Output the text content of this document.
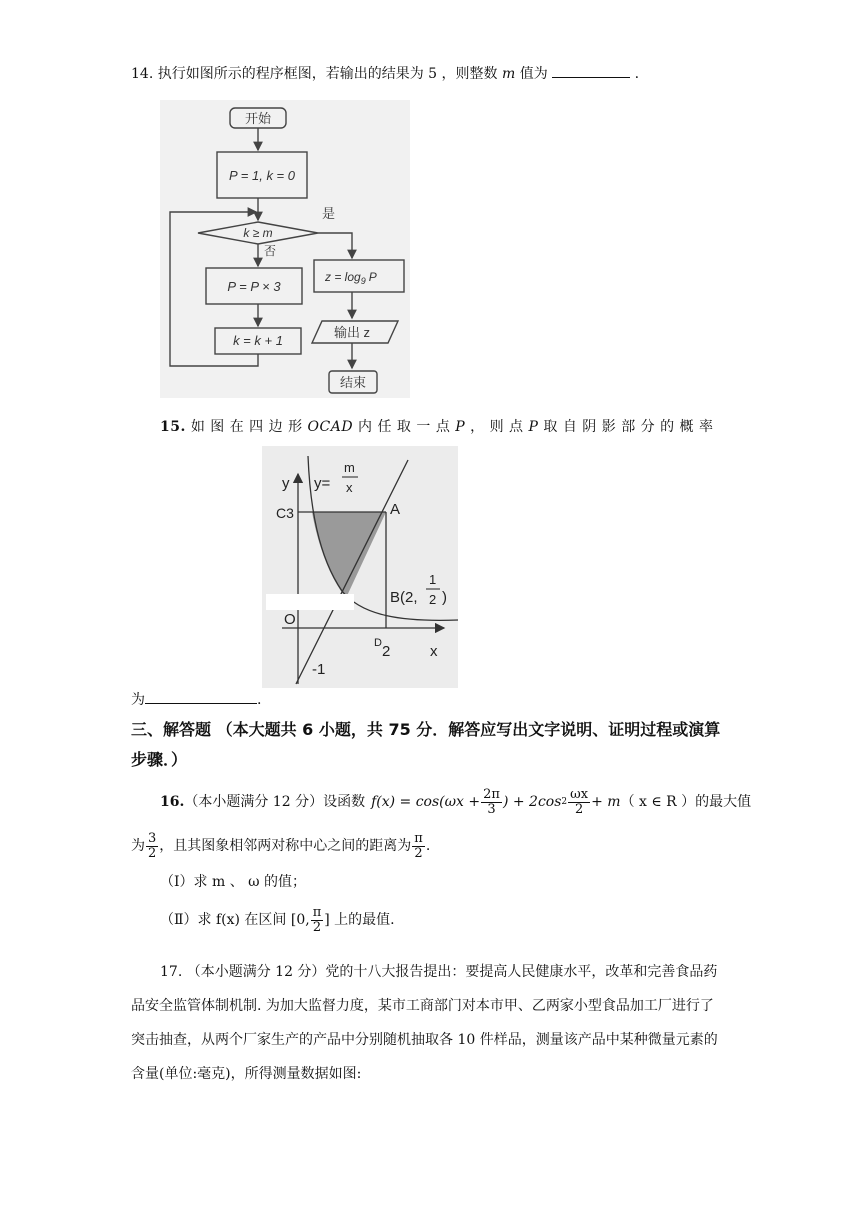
14. 执行如图所示的程序框图，若输出的结果为 5 ，则整数 m 值为	.
开始
P = 1, k = 0
k ≥ m
是
否
P = P × 3
k = k + 1
$z = \log_9 P$
输出 z
结束
15. 如 图 在 四 边 形 OCAD 内 任 取 一 点 P ， 则 点 P 取 自 阴 影 部 分 的 概 率
y y=
m
x
C3	A
B(2,
1
2 )
O
D 2	x
-1
为	.
三、解答题 （本大题共 6 小题，共 75 分．解答应写出文字说明、证明过程或演算
步骤．）
16. （本小题满分 12 分）设函数 $f(x) = \cos(\omega x + \frac{2\pi}{3}$ ) + 2cos $2 \frac{\omega x}{2} + m$ （ x ∈ R ）的最大值
为 $\frac{3}{2}$ ，且其图象相邻两对称中心之间的距离为 $\frac{\pi}{2}$ .
（Ⅰ）求 m 、 ω 的值；
（Ⅱ）求 f(x) 在区间 [0, $\frac{\pi}{2}$ ] 上的最值.
17. （本小题满分 12 分）党的十八大报告提出：要提高人民健康水平，改革和完善食品药
品安全监管体制机制. 为加大监督力度，某市工商部门对本市甲、乙两家小型食品加工厂进行了
突击抽查，从两个厂家生产的产品中分别随机抽取各 10 件样品，测量该产品中某种微量元素的
含量(单位:毫克)，所得测量数据如图:
